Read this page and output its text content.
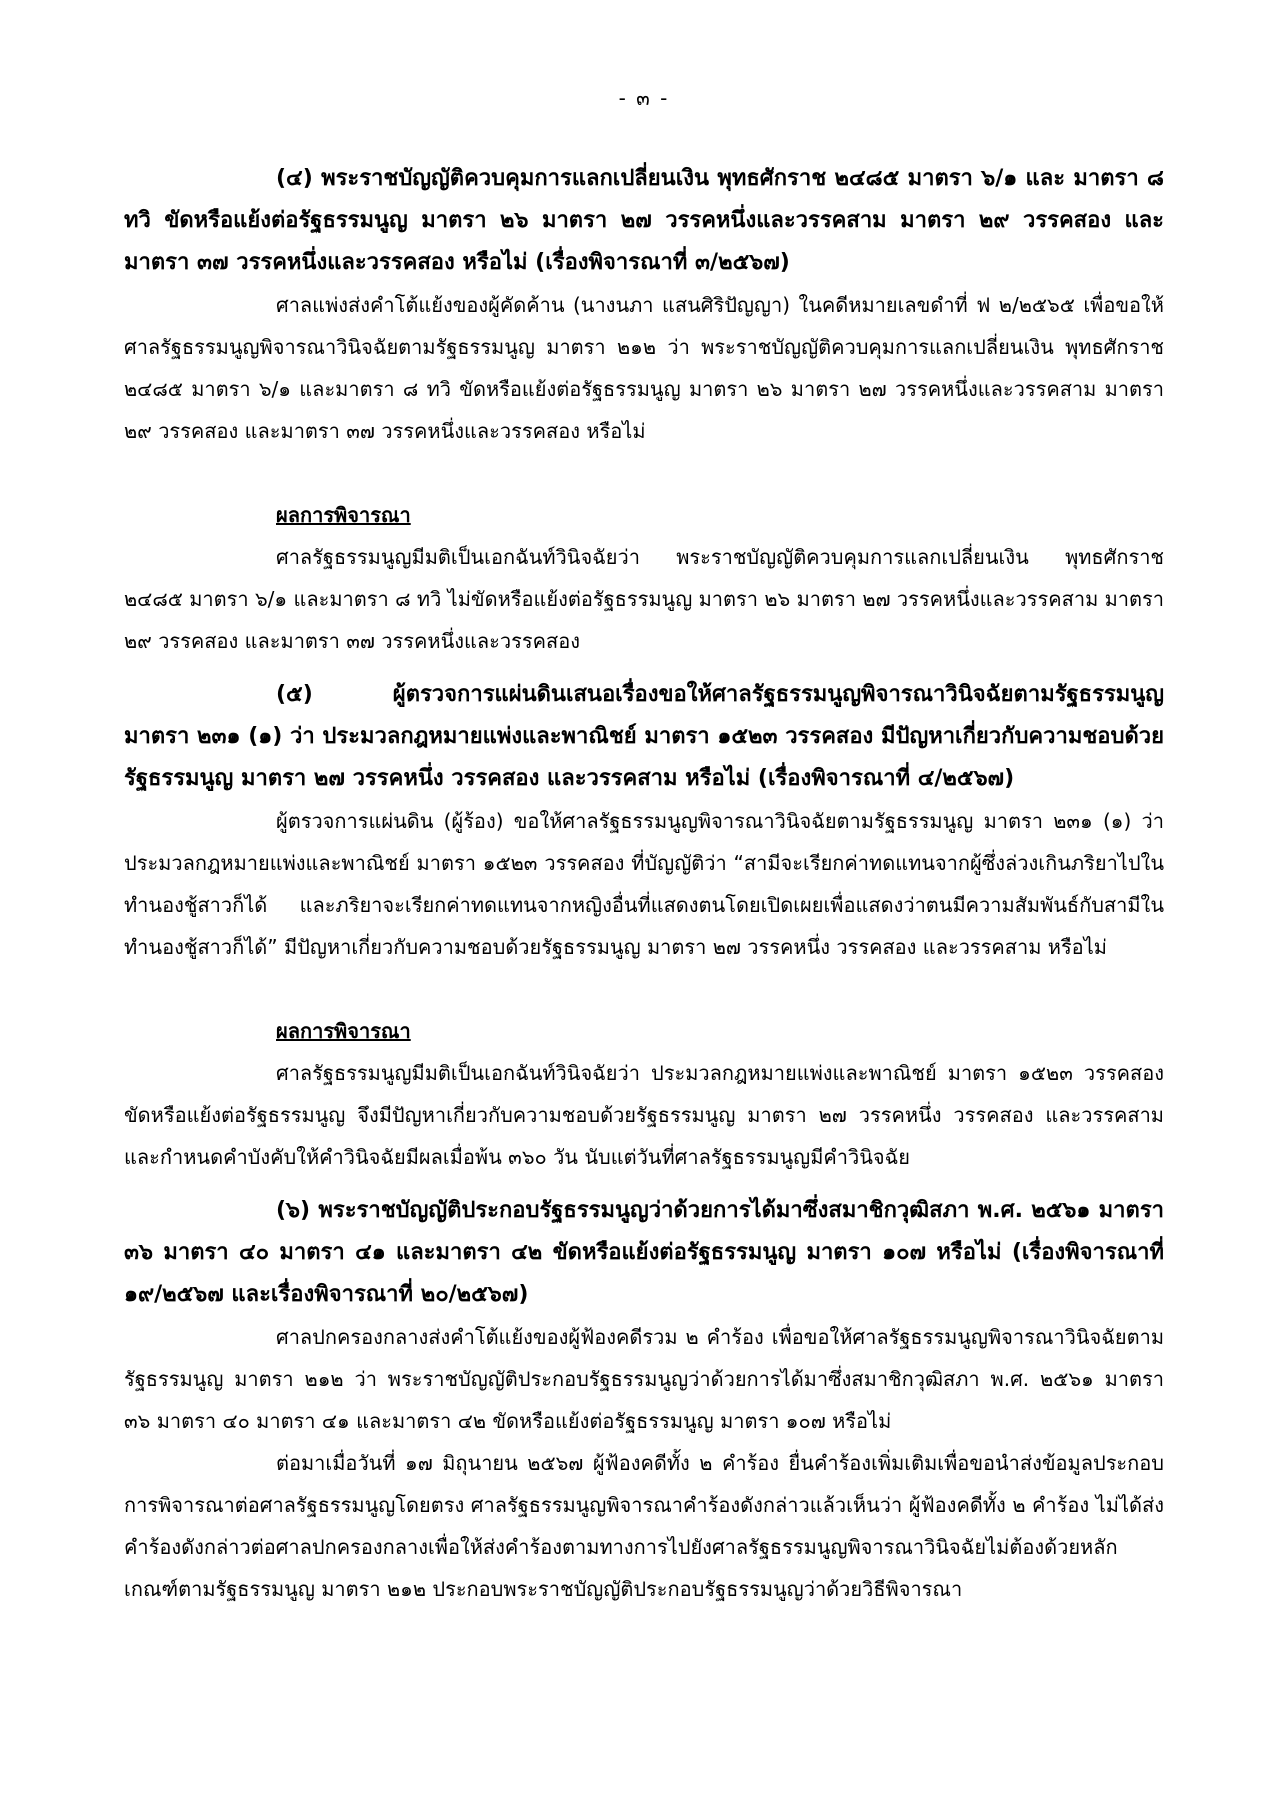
- ๓ -

(๔) พระราชบัญญัติควบคุมการแลกเปลี่ยนเงิน พุทธศักราช ๒๔๘๕ มาตรา ๖/๑ และ มาตรา ๘ ทวิ ขัดหรือแย้งต่อรัฐธรรมนูญ มาตรา ๒๖ มาตรา ๒๗ วรรคหนึ่งและวรรคสาม มาตรา ๒๙ วรรคสอง และมาตรา ๓๗ วรรคหนึ่งและวรรคสอง หรือไม่ (เรื่องพิจารณาที่ ๓/๒๕๖๗)

ศาลแพ่งส่งคำโต้แย้งของผู้คัดค้าน (นางนภา แสนศิริปัญญา) ในคดีหมายเลขดำที่ ฟ ๒/๒๕๖๕ เพื่อขอให้ศาลรัฐธรรมนูญพิจารณาวินิจฉัยตามรัฐธรรมนูญ มาตรา ๒๑๒ ว่า พระราชบัญญัติควบคุมการแลกเปลี่ยนเงิน พุทธศักราช ๒๔๘๕ มาตรา ๖/๑ และมาตรา ๘ ทวิ ขัดหรือแย้งต่อรัฐธรรมนูญ มาตรา ๒๖ มาตรา ๒๗ วรรคหนึ่งและวรรคสาม มาตรา ๒๙ วรรคสอง และมาตรา ๓๗ วรรคหนึ่งและวรรคสอง หรือไม่

ผลการพิจารณา

ศาลรัฐธรรมนูญมีมติเป็นเอกฉันท์วินิจฉัยว่า พระราชบัญญัติควบคุมการแลกเปลี่ยนเงิน พุทธศักราช ๒๔๘๕ มาตรา ๖/๑ และมาตรา ๘ ทวิ ไม่ขัดหรือแย้งต่อรัฐธรรมนูญ มาตรา ๒๖ มาตรา ๒๗ วรรคหนึ่งและวรรคสาม มาตรา ๒๙ วรรคสอง และมาตรา ๓๗ วรรคหนึ่งและวรรคสอง

(๕) ผู้ตรวจการแผ่นดินเสนอเรื่องขอให้ศาลรัฐธรรมนูญพิจารณาวินิจฉัยตามรัฐธรรมนูญ มาตรา ๒๓๑ (๑) ว่า ประมวลกฎหมายแพ่งและพาณิชย์ มาตรา ๑๕๒๓ วรรคสอง มีปัญหาเกี่ยวกับความชอบด้วยรัฐธรรมนูญ มาตรา ๒๗ วรรคหนึ่ง วรรคสอง และวรรคสาม หรือไม่ (เรื่องพิจารณาที่ ๔/๒๕๖๗)

ผู้ตรวจการแผ่นดิน (ผู้ร้อง) ขอให้ศาลรัฐธรรมนูญพิจารณาวินิจฉัยตามรัฐธรรมนูญ มาตรา ๒๓๑ (๑) ว่า ประมวลกฎหมายแพ่งและพาณิชย์ มาตรา ๑๕๒๓ วรรคสอง ที่บัญญัติว่า “สามีจะเรียกค่าทดแทนจากผู้ซึ่งล่วงเกินภริยาไปในทำนองชู้สาวก็ได้ และภริยาจะเรียกค่าทดแทนจากหญิงอื่นที่แสดงตนโดยเปิดเผยเพื่อแสดงว่าตนมีความสัมพันธ์กับสามีในทำนองชู้สาวก็ได้” มีปัญหาเกี่ยวกับความชอบด้วยรัฐธรรมนูญ มาตรา ๒๗ วรรคหนึ่ง วรรคสอง และวรรคสาม หรือไม่

ผลการพิจารณา

ศาลรัฐธรรมนูญมีมติเป็นเอกฉันท์วินิจฉัยว่า ประมวลกฎหมายแพ่งและพาณิชย์ มาตรา ๑๕๒๓ วรรคสอง ขัดหรือแย้งต่อรัฐธรรมนูญ จึงมีปัญหาเกี่ยวกับความชอบด้วยรัฐธรรมนูญ มาตรา ๒๗ วรรคหนึ่ง วรรคสอง และวรรคสาม และกำหนดคำบังคับให้คำวินิจฉัยมีผลเมื่อพ้น ๓๖๐ วัน นับแต่วันที่ศาลรัฐธรรมนูญมีคำวินิจฉัย

(๖) พระราชบัญญัติประกอบรัฐธรรมนูญว่าด้วยการได้มาซึ่งสมาชิกวุฒิสภา พ.ศ. ๒๕๖๑ มาตรา ๓๖ มาตรา ๔๐ มาตรา ๔๑ และมาตรา ๔๒ ขัดหรือแย้งต่อรัฐธรรมนูญ มาตรา ๑๐๗ หรือไม่ (เรื่องพิจารณาที่ ๑๙/๒๕๖๗ และเรื่องพิจารณาที่ ๒๐/๒๕๖๗)

ศาลปกครองกลางส่งคำโต้แย้งของผู้ฟ้องคดีรวม ๒ คำร้อง เพื่อขอให้ศาลรัฐธรรมนูญพิจารณาวินิจฉัยตามรัฐธรรมนูญ มาตรา ๒๑๒ ว่า พระราชบัญญัติประกอบรัฐธรรมนูญว่าด้วยการได้มาซึ่งสมาชิกวุฒิสภา พ.ศ. ๒๕๖๑ มาตรา ๓๖ มาตรา ๔๐ มาตรา ๔๑ และมาตรา ๔๒ ขัดหรือแย้งต่อรัฐธรรมนูญ มาตรา ๑๐๗ หรือไม่

ต่อมาเมื่อวันที่ ๑๗ มิถุนายน ๒๕๖๗ ผู้ฟ้องคดีทั้ง ๒ คำร้อง ยื่นคำร้องเพิ่มเติมเพื่อขอนำส่งข้อมูลประกอบการพิจารณาต่อศาลรัฐธรรมนูญโดยตรง ศาลรัฐธรรมนูญพิจารณาคำร้องดังกล่าวแล้วเห็นว่า ผู้ฟ้องคดีทั้ง ๒ คำร้อง ไม่ได้ส่งคำร้องดังกล่าวต่อศาลปกครองกลางเพื่อให้ส่งคำร้องตามทางการไปยังศาลรัฐธรรมนูญพิจารณาวินิจฉัยไม่ต้องด้วยหลักเกณฑ์ตามรัฐธรรมนูญ มาตรา ๒๑๒ ประกอบพระราชบัญญัติประกอบรัฐธรรมนูญว่าด้วยวิธีพิจารณา
